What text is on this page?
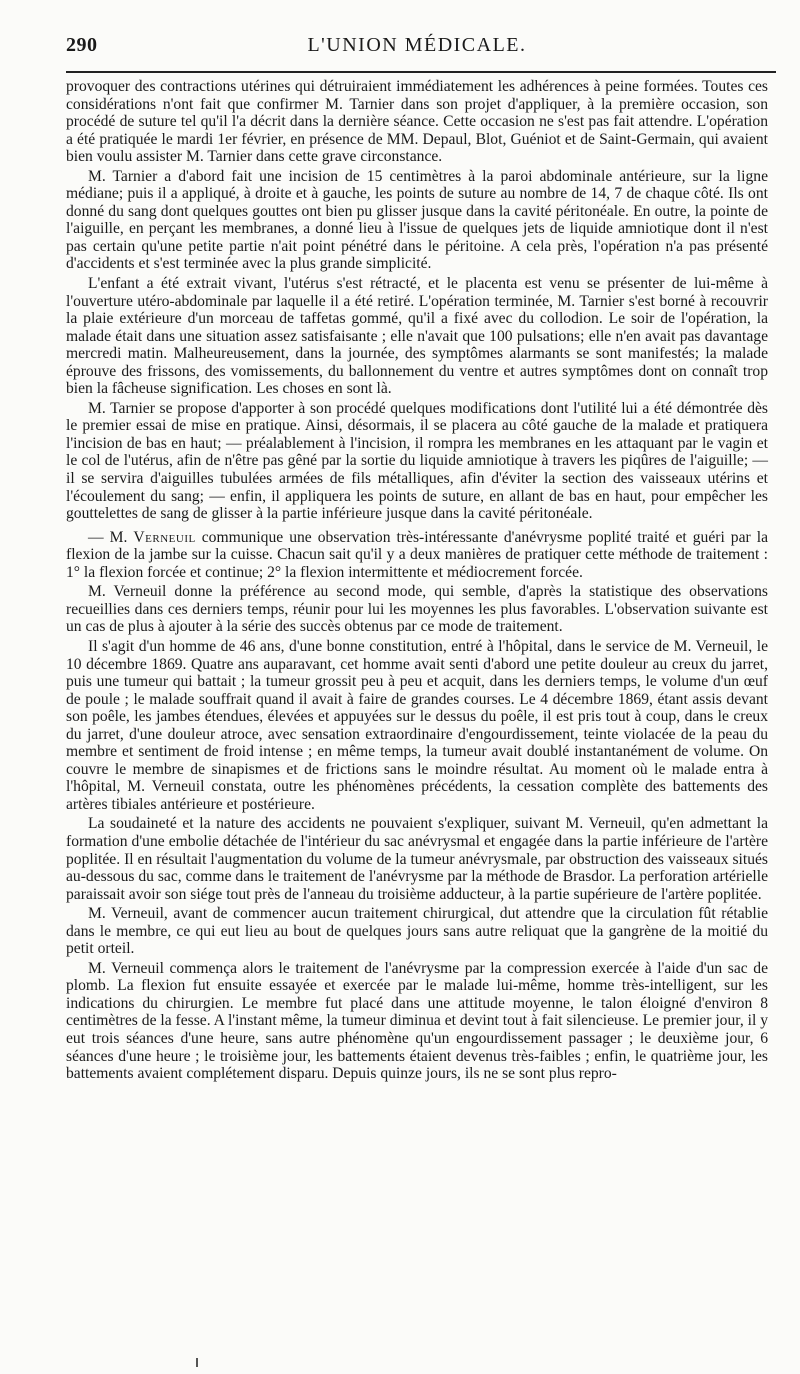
290	L'UNION MÉDICALE.

provoquer des contractions utérines qui détruiraient immédiatement les adhérences à peine formées. Toutes ces considérations n'ont fait que confirmer M. Tarnier dans son projet d'appliquer, à la première occasion, son procédé de suture tel qu'il l'a décrit dans la dernière séance. Cette occasion ne s'est pas fait attendre. L'opération a été pratiquée le mardi 1er février, en présence de MM. Depaul, Blot, Guéniot et de Saint-Germain, qui avaient bien voulu assister M. Tarnier dans cette grave circonstance.

M. Tarnier a d'abord fait une incision de 15 centimètres à la paroi abdominale antérieure, sur la ligne médiane; puis il a appliqué, à droite et à gauche, les points de suture au nombre de 14, 7 de chaque côté. Ils ont donné du sang dont quelques gouttes ont bien pu glisser jusque dans la cavité péritonéale. En outre, la pointe de l'aiguille, en perçant les membranes, a donné lieu à l'issue de quelques jets de liquide amniotique dont il n'est pas certain qu'une petite partie n'ait point pénétré dans le péritoine. A cela près, l'opération n'a pas présenté d'accidents et s'est terminée avec la plus grande simplicité.

L'enfant a été extrait vivant, l'utérus s'est rétracté, et le placenta est venu se présenter de lui-même à l'ouverture utéro-abdominale par laquelle il a été retiré. L'opération terminée, M. Tarnier s'est borné à recouvrir la plaie extérieure d'un morceau de taffetas gommé, qu'il a fixé avec du collodion. Le soir de l'opération, la malade était dans une situation assez satisfaisante ; elle n'avait que 100 pulsations; elle n'en avait pas davantage mercredi matin. Malheureusement, dans la journée, des symptômes alarmants se sont manifestés; la malade éprouve des frissons, des vomissements, du ballonnement du ventre et autres symptômes dont on connaît trop bien la fâcheuse signification. Les choses en sont là.

M. Tarnier se propose d'apporter à son procédé quelques modifications dont l'utilité lui a été démontrée dès le premier essai de mise en pratique. Ainsi, désormais, il se placera au côté gauche de la malade et pratiquera l'incision de bas en haut; — préalablement à l'incision, il rompra les membranes en les attaquant par le vagin et le col de l'utérus, afin de n'être pas gêné par la sortie du liquide amniotique à travers les piqûres de l'aiguille; — il se servira d'aiguilles tubulées armées de fils métalliques, afin d'éviter la section des vaisseaux utérins et l'écoulement du sang; — enfin, il appliquera les points de suture, en allant de bas en haut, pour empêcher les gouttelettes de sang de glisser à la partie inférieure jusque dans la cavité péritonéale.

— M. Verneuil communique une observation très-intéressante d'anévrysme poplité traité et guéri par la flexion de la jambe sur la cuisse. Chacun sait qu'il y a deux manières de pratiquer cette méthode de traitement : 1° la flexion forcée et continue; 2° la flexion intermittente et médiocrement forcée.

M. Verneuil donne la préférence au second mode, qui semble, d'après la statistique des observations recueillies dans ces derniers temps, réunir pour lui les moyennes les plus favorables. L'observation suivante est un cas de plus à ajouter à la série des succès obtenus par ce mode de traitement.

Il s'agit d'un homme de 46 ans, d'une bonne constitution, entré à l'hôpital, dans le service de M. Verneuil, le 10 décembre 1869. Quatre ans auparavant, cet homme avait senti d'abord une petite douleur au creux du jarret, puis une tumeur qui battait ; la tumeur grossit peu à peu et acquit, dans les derniers temps, le volume d'un œuf de poule ; le malade souffrait quand il avait à faire de grandes courses. Le 4 décembre 1869, étant assis devant son poêle, les jambes étendues, élevées et appuyées sur le dessus du poêle, il est pris tout à coup, dans le creux du jarret, d'une douleur atroce, avec sensation extraordinaire d'engourdissement, teinte violacée de la peau du membre et sentiment de froid intense ; en même temps, la tumeur avait doublé instantanément de volume. On couvre le membre de sinapismes et de frictions sans le moindre résultat. Au moment où le malade entra à l'hôpital, M. Verneuil constata, outre les phénomènes précédents, la cessation complète des battements des artères tibiales antérieure et postérieure.

La soudaineté et la nature des accidents ne pouvaient s'expliquer, suivant M. Verneuil, qu'en admettant la formation d'une embolie détachée de l'intérieur du sac anévrysmal et engagée dans la partie inférieure de l'artère poplitée. Il en résultait l'augmentation du volume de la tumeur anévrysmale, par obstruction des vaisseaux situés au-dessous du sac, comme dans le traitement de l'anévrysme par la méthode de Brasdor. La perforation artérielle paraissait avoir son siége tout près de l'anneau du troisième adducteur, à la partie supérieure de l'artère poplitée.

M. Verneuil, avant de commencer aucun traitement chirurgical, dut attendre que la circulation fût rétablie dans le membre, ce qui eut lieu au bout de quelques jours sans autre reliquat que la gangrène de la moitié du petit orteil.

M. Verneuil commença alors le traitement de l'anévrysme par la compression exercée à l'aide d'un sac de plomb. La flexion fut ensuite essayée et exercée par le malade lui-même, homme très-intelligent, sur les indications du chirurgien. Le membre fut placé dans une attitude moyenne, le talon éloigné d'environ 8 centimètres de la fesse. A l'instant même, la tumeur diminua et devint tout à fait silencieuse. Le premier jour, il y eut trois séances d'une heure, sans autre phénomène qu'un engourdissement passager ; le deuxième jour, 6 séances d'une heure ; le troisième jour, les battements étaient devenus très-faibles ; enfin, le quatrième jour, les battements avaient complétement disparu. Depuis quinze jours, ils ne se sont plus repro-
